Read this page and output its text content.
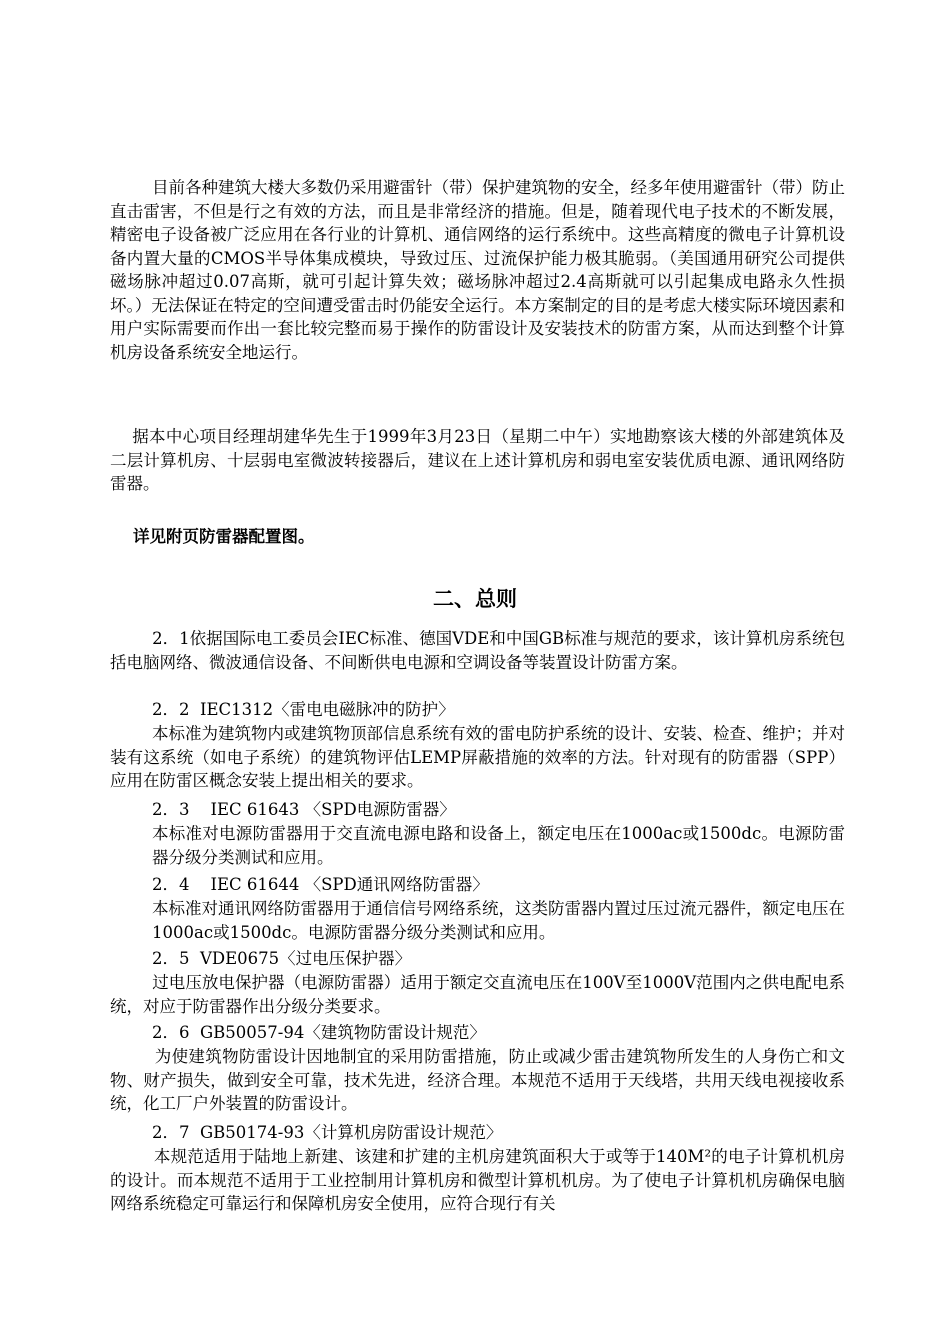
目前各种建筑大楼大多数仍采用避雷针（带）保护建筑物的安全，经多年使用避雷针（带）防止直击雷害，不但是行之有效的方法，而且是非常经济的措施。但是，随着现代电子技术的不断发展，精密电子设备被广泛应用在各行业的计算机、通信网络的运行系统中。这些高精度的微电子计算机设备内置大量的CMOS半导体集成模块，导致过压、过流保护能力极其脆弱。（美国通用研究公司提供磁场脉冲超过0.07高斯，就可引起计算失效；磁场脉冲超过2.4高斯就可以引起集成电路永久性损坏。）无法保证在特定的空间遭受雷击时仍能安全运行。本方案制定的目的是考虑大楼实际环境因素和用户实际需要而作出一套比较完整而易于操作的防雷设计及安装技术的防雷方案，从而达到整个计算机房设备系统安全地运行。

据本中心项目经理胡建华先生于1999年3月23日（星期二中午）实地勘察该大楼的外部建筑体及二层计算机房、十层弱电室微波转接器后，建议在上述计算机房和弱电室安装优质电源、通讯网络防雷器。

详见附页防雷器配置图。

二、总则

2．1依据国际电工委员会IEC标准、德国VDE和中国GB标准与规范的要求，该计算机房系统包括电脑网络、微波通信设备、不间断供电电源和空调设备等装置设计防雷方案。

2．2  IEC1312〈雷电电磁脉冲的防护〉

本标准为建筑物内或建筑物顶部信息系统有效的雷电防护系统的设计、安装、检查、维护；并对装有这系统（如电子系统）的建筑物评估LEMP屏蔽措施的效率的方法。针对现有的防雷器（SPP）应用在防雷区概念安装上提出相关的要求。

2．3    IEC 61643 〈SPD电源防雷器〉

本标准对电源防雷器用于交直流电源电路和设备上，额定电压在1000ac或1500dc。电源防雷器分级分类测试和应用。

2．4    IEC 61644 〈SPD通讯网络防雷器〉

本标准对通讯网络防雷器用于通信信号网络系统，这类防雷器内置过压过流元器件，额定电压在1000ac或1500dc。电源防雷器分级分类测试和应用。

2．5  VDE0675〈过电压保护器〉

过电压放电保护器（电源防雷器）适用于额定交直流电压在100V至1000V范围内之供电配电系统，对应于防雷器作出分级分类要求。

2．6  GB50057-94〈建筑物防雷设计规范〉

为使建筑物防雷设计因地制宜的采用防雷措施，防止或减少雷击建筑物所发生的人身伤亡和文物、财产损失，做到安全可靠，技术先进，经济合理。本规范不适用于天线塔，共用天线电视接收系统，化工厂户外装置的防雷设计。

2．7  GB50174-93〈计算机房防雷设计规范〉

本规范适用于陆地上新建、该建和扩建的主机房建筑面积大于或等于140M²的电子计算机机房的设计。而本规范不适用于工业控制用计算机房和微型计算机机房。为了使电子计算机机房确保电脑网络系统稳定可靠运行和保障机房安全使用，应符合现行有关
